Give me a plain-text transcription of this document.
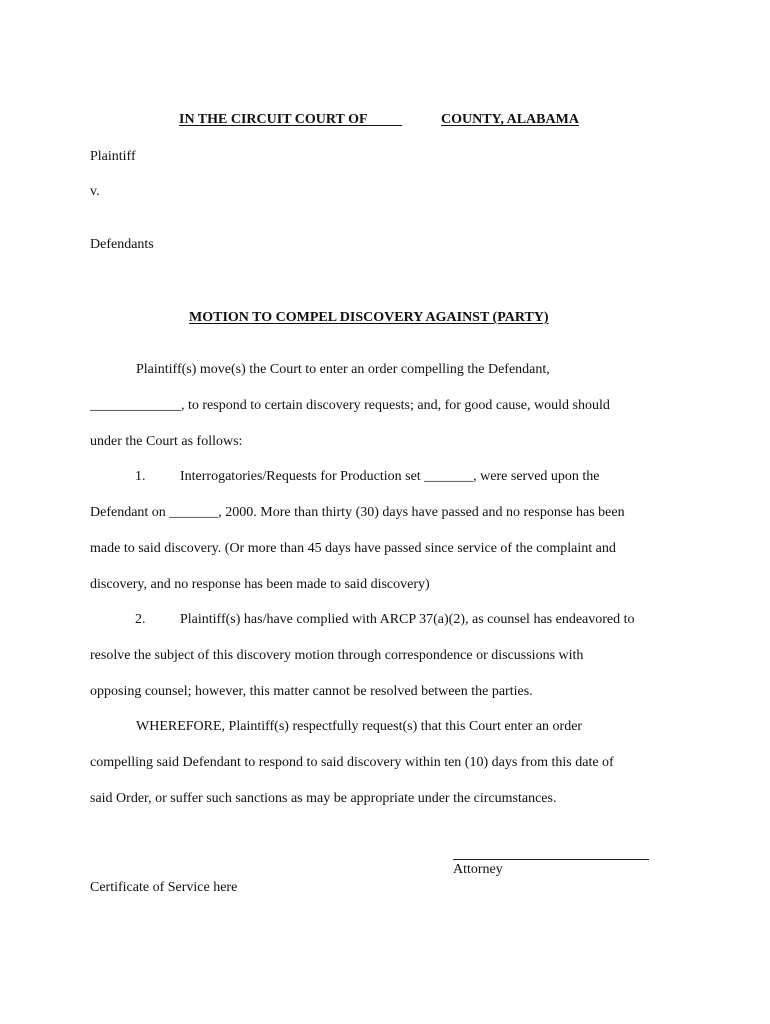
IN THE CIRCUIT COURT OF	COUNTY, ALABAMA
Plaintiff
v.
Defendants
MOTION TO COMPEL DISCOVERY AGAINST (PARTY)
Plaintiff(s) move(s) the Court to enter an order compelling the Defendant,
_____________, to respond to certain discovery requests; and, for good cause, would should
under the Court as follows:
1. Interrogatories/Requests for Production set _______, were served upon the
Defendant on _______, 2000. More than thirty (30) days have passed and no response has been
made to said discovery. (Or more than 45 days have passed since service of the complaint and
discovery, and no response has been made to said discovery)
2. Plaintiff(s) has/have complied with ARCP 37(a)(2), as counsel has endeavored to
resolve the subject of this discovery motion through correspondence or discussions with
opposing counsel; however, this matter cannot be resolved between the parties.
WHEREFORE, Plaintiff(s) respectfully request(s) that this Court enter an order
compelling said Defendant to respond to said discovery within ten (10) days from this date of
said Order, or suffer such sanctions as may be appropriate under the circumstances.
Attorney
Certificate of Service here
